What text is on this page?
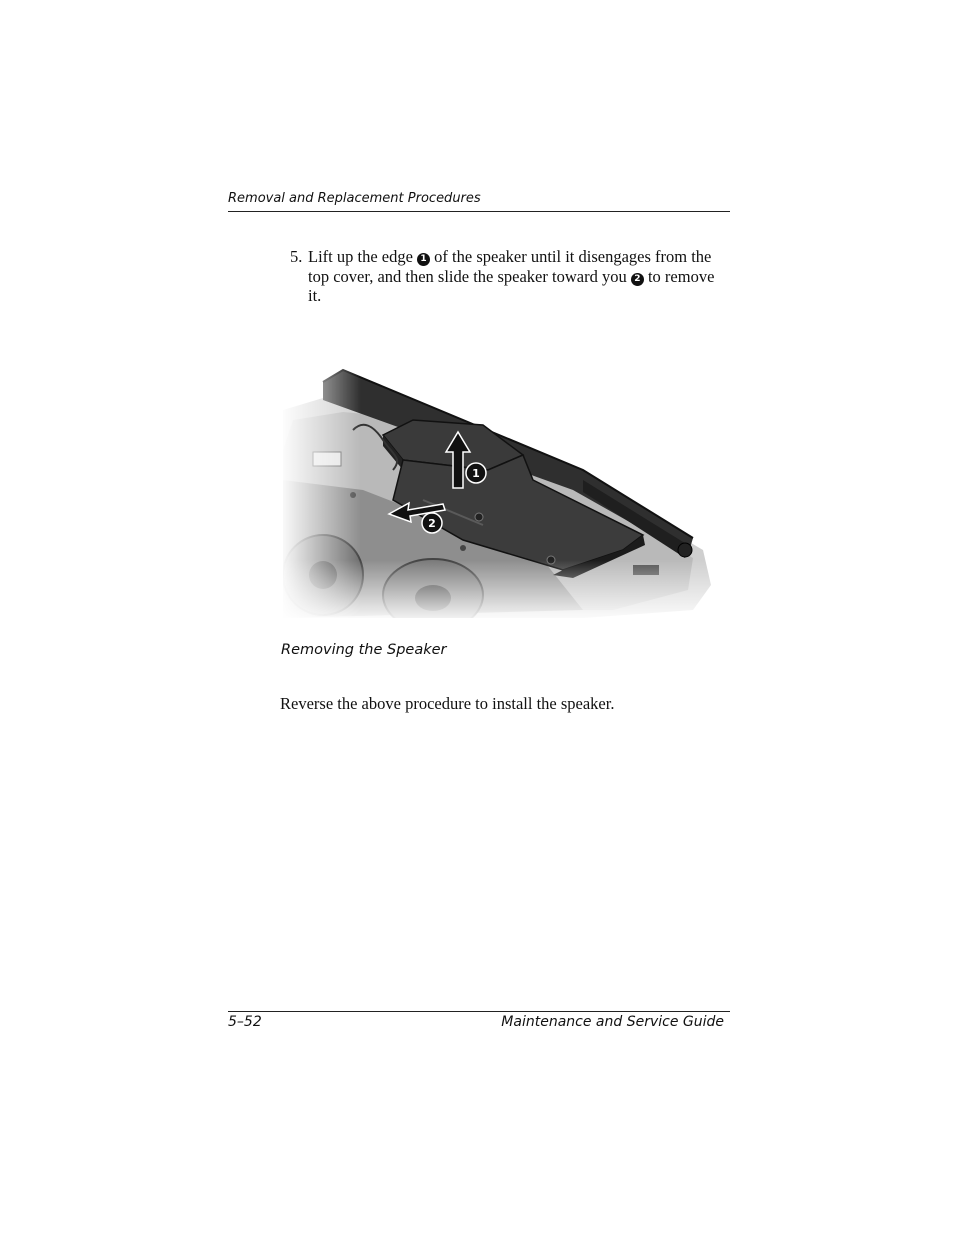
Removal and Replacement Procedures
5. Lift up the edge 1 of the speaker until it disengages from the top cover, and then slide the speaker toward you 2 to remove it.
1
2
Removing the Speaker
Reverse the above procedure to install the speaker.
5–52	Maintenance and Service Guide
